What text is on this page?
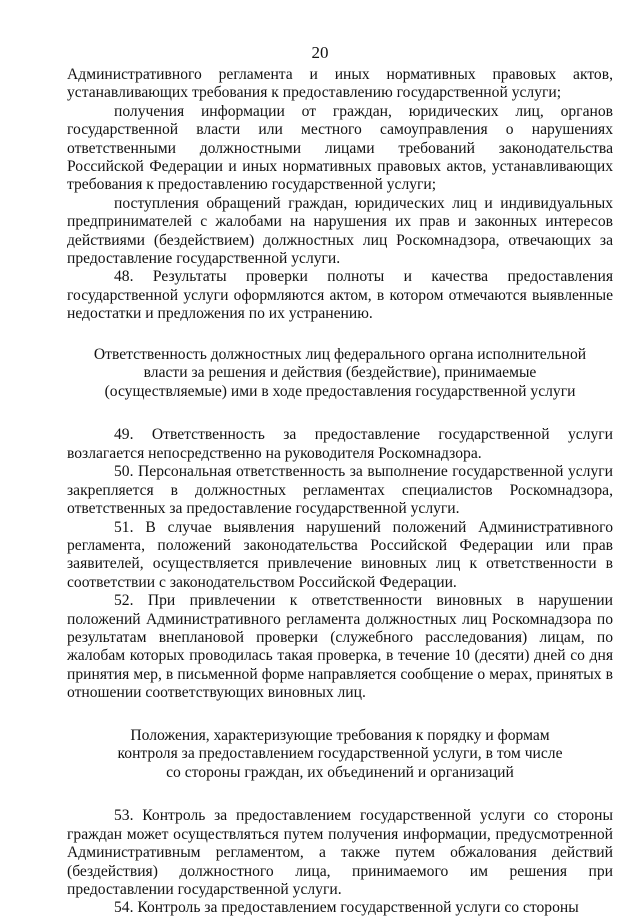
20

Административного регламента и иных нормативных правовых актов, устанавливающих требования к предоставлению государственной услуги;

получения информации от граждан, юридических лиц, органов государственной власти или местного самоуправления о нарушениях ответственными должностными лицами требований законодательства Российской Федерации и иных нормативных правовых актов, устанавливающих требования к предоставлению государственной услуги;

поступления обращений граждан, юридических лиц и индивидуальных предпринимателей с жалобами на нарушения их прав и законных интересов действиями (бездействием) должностных лиц Роскомнадзора, отвечающих за предоставление государственной услуги.

48. Результаты проверки полноты и качества предоставления государственной услуги оформляются актом, в котором отмечаются выявленные недостатки и предложения по их устранению.

Ответственность должностных лиц федерального органа исполнительной
власти за решения и действия (бездействие), принимаемые
(осуществляемые) ими в ходе предоставления государственной услуги

49. Ответственность за предоставление государственной услуги возлагается непосредственно на руководителя Роскомнадзора.

50. Персональная ответственность за выполнение государственной услуги закрепляется в должностных регламентах специалистов Роскомнадзора, ответственных за предоставление государственной услуги.

51. В случае выявления нарушений положений Административного регламента, положений законодательства Российской Федерации или прав заявителей, осуществляется привлечение виновных лиц к ответственности в соответствии с законодательством Российской Федерации.

52. При привлечении к ответственности виновных в нарушении положений Административного регламента должностных лиц Роскомнадзора по результатам внеплановой проверки (служебного расследования) лицам, по жалобам которых проводилась такая проверка, в течение 10 (десяти) дней со дня принятия мер, в письменной форме направляется сообщение о мерах, принятых в отношении соответствующих виновных лиц.

Положения, характеризующие требования к порядку и формам
контроля за предоставлением государственной услуги, в том числе
со стороны граждан, их объединений и организаций

53. Контроль за предоставлением государственной услуги со стороны граждан может осуществляться путем получения информации, предусмотренной Административным регламентом, а также путем обжалования действий (бездействия) должностного лица, принимаемого им решения при предоставлении государственной услуги.

54. Контроль за предоставлением государственной услуги со стороны
